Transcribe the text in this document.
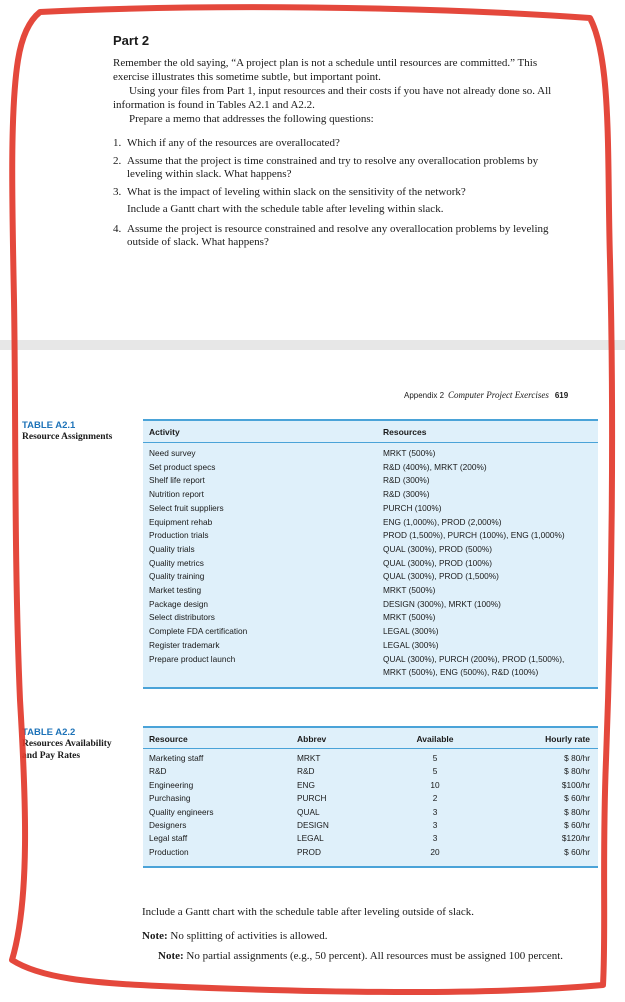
Part 2
Remember the old saying, “A project plan is not a schedule until resources are committed.” This exercise illustrates this sometime subtle, but important point.
Using your files from Part 1, input resources and their costs if you have not already done so. All information is found in Tables A2.1 and A2.2.
Prepare a memo that addresses the following questions:
1. Which if any of the resources are overallocated?
2. Assume that the project is time constrained and try to resolve any overallocation problems by leveling within slack. What happens?
3. What is the impact of leveling within slack on the sensitivity of the network?
Include a Gantt chart with the schedule table after leveling within slack.
4. Assume the project is resource constrained and resolve any overallocation problems by leveling outside of slack. What happens?
Appendix 2 Computer Project Exercises 619
TABLE A2.1
Resource Assignments	Activity	Resources
Need survey	MRKT (500%)
Set product specs	R&D (400%), MRKT (200%)
Shelf life report	R&D (300%)
Nutrition report	R&D (300%)
Select fruit suppliers	PURCH (100%)
Equipment rehab	ENG (1,000%), PROD (2,000%)
Production trials	PROD (1,500%), PURCH (100%), ENG (1,000%)
Quality trials	QUAL (300%), PROD (500%)
Quality metrics	QUAL (300%), PROD (100%)
Quality training	QUAL (300%), PROD (1,500%)
Market testing	MRKT (500%)
Package design	DESIGN (300%), MRKT (100%)
Select distributors	MRKT (500%)
Complete FDA certification	LEGAL (300%)
Register trademark	LEGAL (300%)
Prepare product launch	QUAL (300%), PURCH (200%), PROD (1,500%),
MRKT (500%), ENG (500%), R&D (100%)
TABLE A2.2
Resources Availability and Pay Rates
Resource	Abbrev	Available	Hourly rate
Marketing staff	MRKT	5	$ 80/hr
R&D	R&D	5	$ 80/hr
Engineering	ENG	10	$100/hr
Purchasing	PURCH	2	$ 60/hr
Quality engineers	QUAL	3	$ 80/hr
Designers	DESIGN	3	$ 60/hr
Legal staff	LEGAL	3	$120/hr
Production	PROD	20	$ 60/hr
Include a Gantt chart with the schedule table after leveling outside of slack.
Note: No splitting of activities is allowed.
Note: No partial assignments (e.g., 50 percent). All resources must be assigned 100 percent.
